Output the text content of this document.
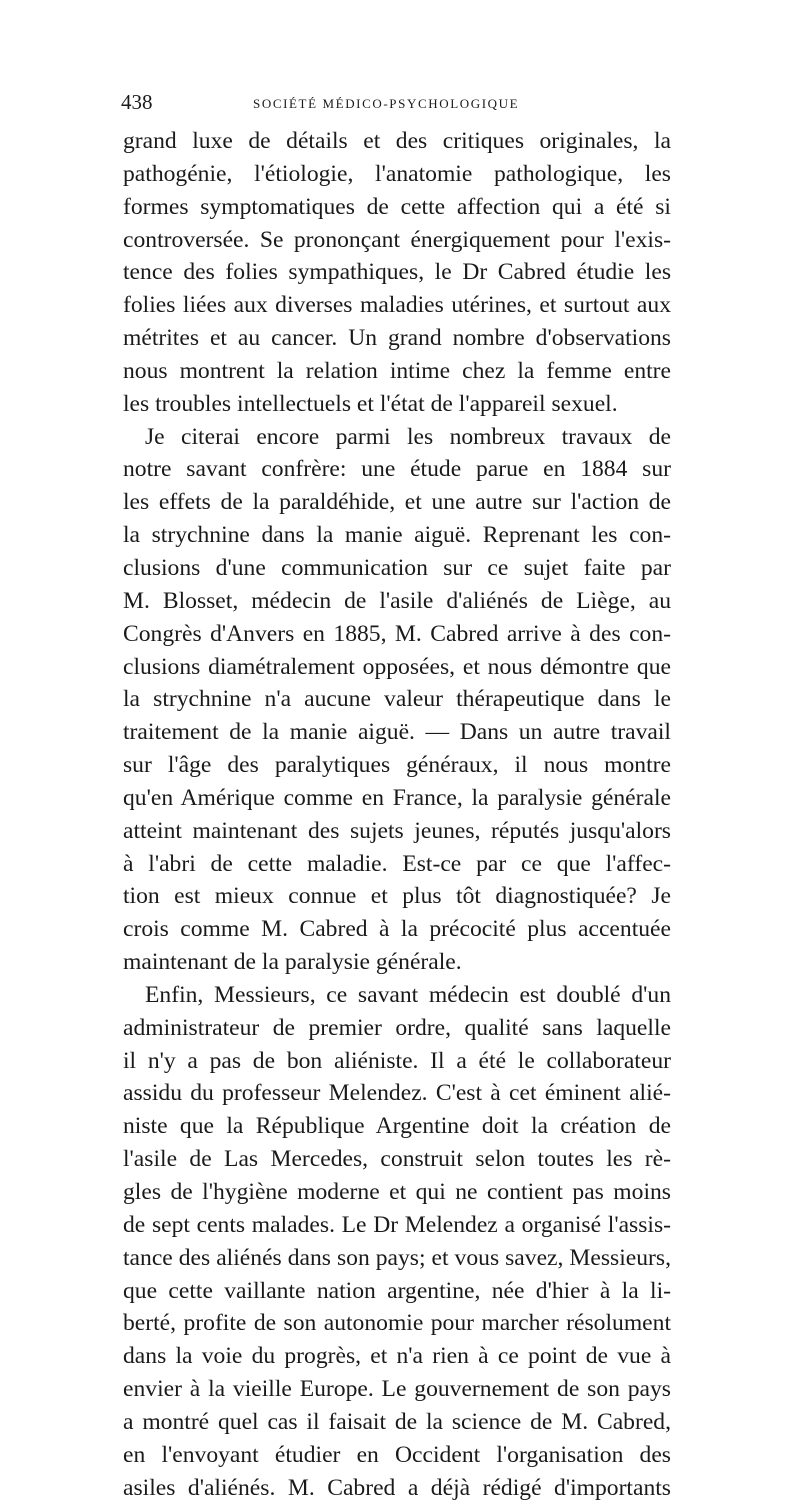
438	SOCIÉTÉ MÉDICO-PSYCHOLOGIQUE
grand luxe de détails et des critiques originales, la
pathogénie, l'étiologie, l'anatomie pathologique, les
formes symptomatiques de cette affection qui a été si
controversée. Se prononçant énergiquement pour l'exis-
tence des folies sympathiques, le Dr Cabred étudie les
folies liées aux diverses maladies utérines, et surtout aux
métrites et au cancer. Un grand nombre d'observations
nous montrent la relation intime chez la femme entre
les troubles intellectuels et l'état de l'appareil sexuel.
Je citerai encore parmi les nombreux travaux de
notre savant confrère: une étude parue en 1884 sur
les effets de la paraldéhide, et une autre sur l'action de
la strychnine dans la manie aiguë. Reprenant les con-
clusions d'une communication sur ce sujet faite par
M. Blosset, médecin de l'asile d'aliénés de Liège, au
Congrès d'Anvers en 1885, M. Cabred arrive à des con-
clusions diamétralement opposées, et nous démontre que
la strychnine n'a aucune valeur thérapeutique dans le
traitement de la manie aiguë. — Dans un autre travail
sur l'âge des paralytiques généraux, il nous montre
qu'en Amérique comme en France, la paralysie générale
atteint maintenant des sujets jeunes, réputés jusqu'alors
à l'abri de cette maladie. Est-ce par ce que l'affec-
tion est mieux connue et plus tôt diagnostiquée? Je
crois comme M. Cabred à la précocité plus accentuée
maintenant de la paralysie générale.
Enfin, Messieurs, ce savant médecin est doublé d'un
administrateur de premier ordre, qualité sans laquelle
il n'y a pas de bon aliéniste. Il a été le collaborateur
assidu du professeur Melendez. C'est à cet éminent alié-
niste que la République Argentine doit la création de
l'asile de Las Mercedes, construit selon toutes les rè-
gles de l'hygiène moderne et qui ne contient pas moins
de sept cents malades. Le Dr Melendez a organisé l'assis-
tance des aliénés dans son pays; et vous savez, Messieurs,
que cette vaillante nation argentine, née d'hier à la li-
berté, profite de son autonomie pour marcher résolument
dans la voie du progrès, et n'a rien à ce point de vue à
envier à la vieille Europe. Le gouvernement de son pays
a montré quel cas il faisait de la science de M. Cabred,
en l'envoyant étudier en Occident l'organisation des
asiles d'aliénés. M. Cabred a déjà rédigé d'importants
